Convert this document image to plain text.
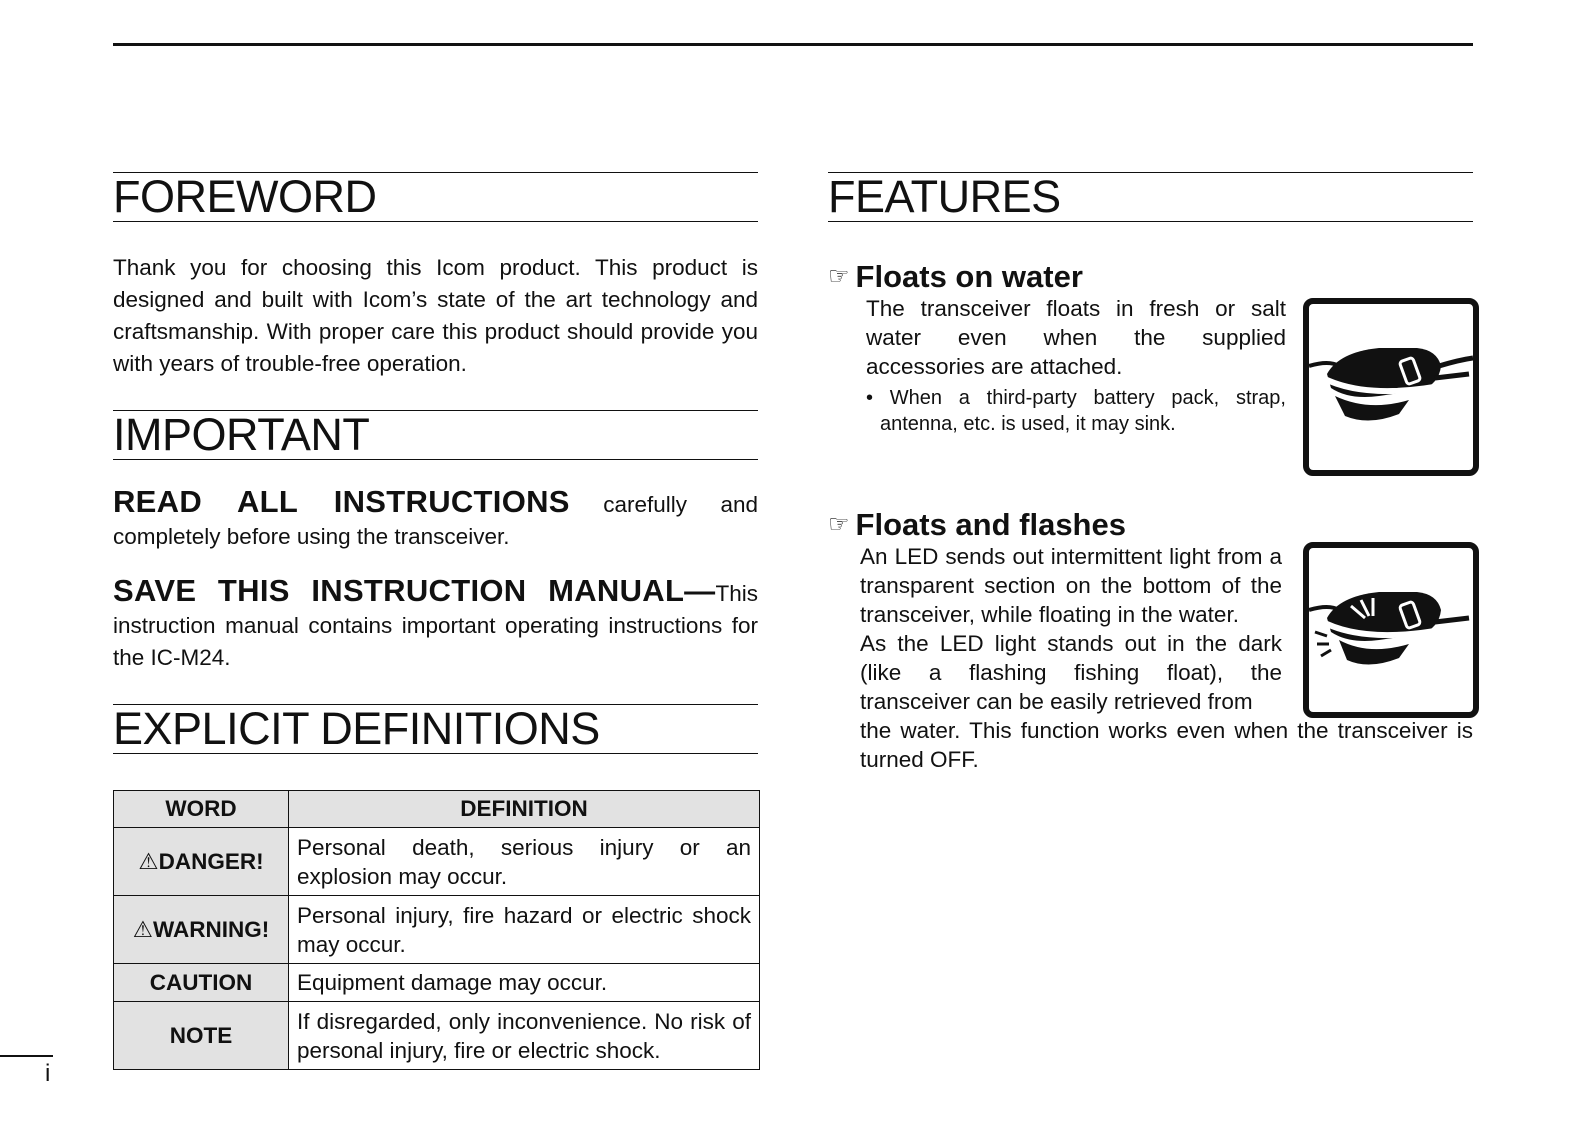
FOREWORD

Thank you for choosing this Icom product. This product is designed and built with Icom’s state of the art technology and craftsmanship. With proper care this product should provide you with years of trouble-free operation.

IMPORTANT

READ ALL INSTRUCTIONS carefully and completely before using the transceiver.

SAVE THIS INSTRUCTION MANUAL—This instruction manual contains important operating instructions for the IC-M24.

EXPLICIT DEFINITIONS
WORD	DEFINITION
⚠DANGER!	Personal death, serious injury or an explosion may occur.
⚠WARNING!	Personal injury, fire hazard or electric shock may occur.
CAUTION	Equipment damage may occur.
NOTE	If disregarded, only inconvenience. No risk of personal injury, fire or electric shock.
FEATURES
☞ Floats on water

The transceiver floats in fresh or salt water even when the supplied accessories are attached.

• When a third-party battery pack, strap, antenna, etc. is used, it may sink.

☞ Floats and flashes

An LED sends out intermittent light from a transparent section on the bottom of the transceiver, while floating in the water.

As the LED light stands out in the dark (like a flashing fishing float), the transceiver can be easily retrieved from

the water. This function works even when the transceiver is turned OFF.

i
